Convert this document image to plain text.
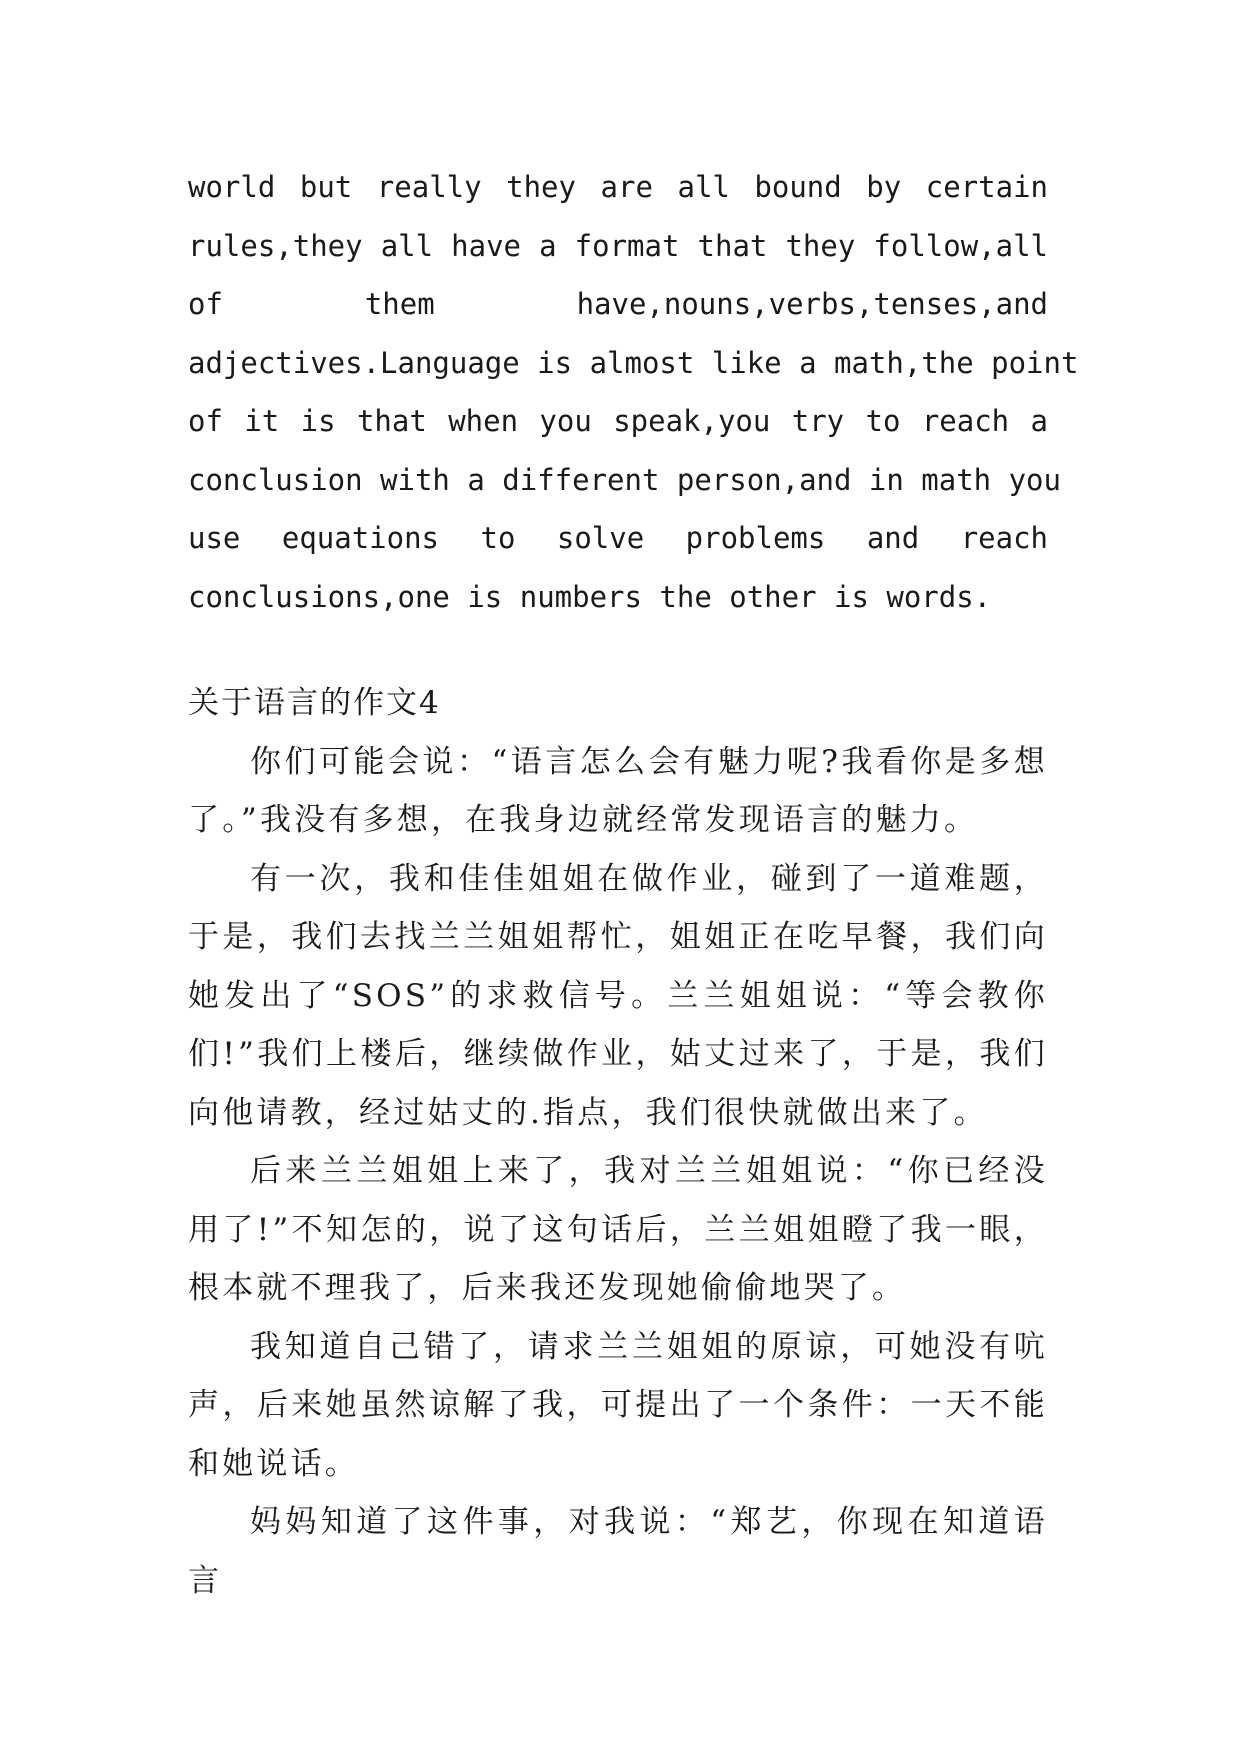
world but really they are all bound by certain
rules,they all have a format that they follow,all
of them have,nouns,verbs,tenses,and
adjectives.Language is almost like a math,the point
of it is that when you speak,you try to reach a
conclusion with a different person,and in math you
use equations to solve problems and reach
conclusions,one is numbers the other is words.
关于语言的作文4

你们可能会说：“语言怎么会有魅力呢?我看你是多想了。”我没有多想，在我身边就经常发现语言的魅力。

有一次，我和佳佳姐姐在做作业，碰到了一道难题，于是，我们去找兰兰姐姐帮忙，姐姐正在吃早餐，我们向她发出了“SOS”的求救信号。兰兰姐姐说：“等会教你们!”我们上楼后，继续做作业，姑丈过来了，于是，我们向他请教，经过姑丈的.指点，我们很快就做出来了。

后来兰兰姐姐上来了，我对兰兰姐姐说：“你已经没用了!”不知怎的，说了这句话后，兰兰姐姐瞪了我一眼，根本就不理我了，后来我还发现她偷偷地哭了。

我知道自己错了，请求兰兰姐姐的原谅，可她没有吭声，后来她虽然谅解了我，可提出了一个条件：一天不能和她说话。

妈妈知道了这件事，对我说：“郑艺，你现在知道语言
